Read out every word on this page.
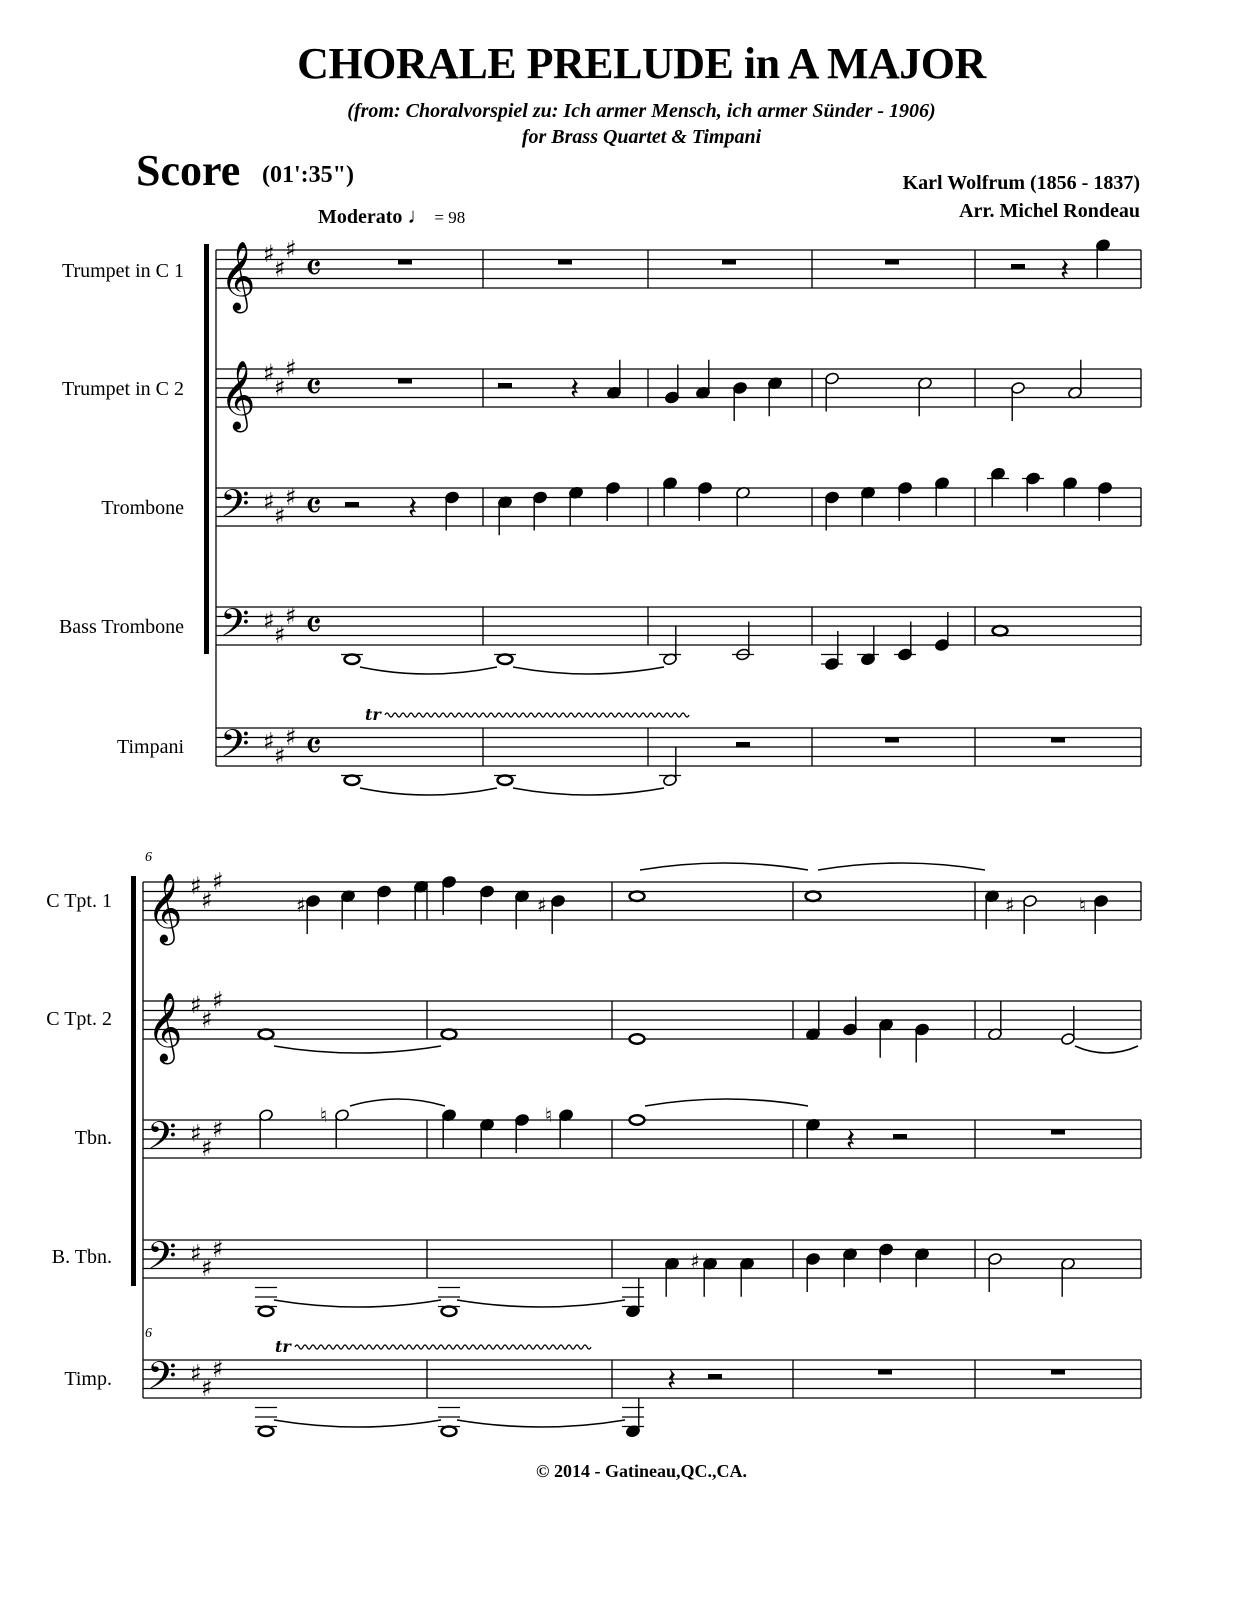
CHORALE PRELUDE in A MAJOR
(from: Choralvorspiel zu: Ich armer Mensch, ich armer Sünder - 1906)
for Brass Quartet & Timpani
Score (01':35")	Karl Wolfrum (1856 - 1837)
Arr. Michel Rondeau
Moderato ♩ = 98
Trumpet in C 1
Trumpet in C 2
Trombone
Bass Trombone
Timpani
C Tpt. 1
C Tpt. 2
Tbn.
B. Tbn.
Timp.
6
6
𝄞 ♯
♯
♯ 𝄴
𝄞 ♯
♯
♯ 𝄴
𝄢 ♯
♯
♯ 𝄴
𝄢 ♯
♯
♯ 𝄴
𝄢 ♯
♯
♯ 𝄴
𝄽
𝄽
𝄽
tr
𝄞 ♯
♯
♯
𝄞 ♯
♯
♯
𝄢 ♯
♯
♯
𝄢 ♯
♯
♯
𝄢 ♯
♯
♯
♯	♯	♯	♮
♮	♮
𝄽
♯
tr
𝄽
© 2014 - Gatineau,QC.,CA.
